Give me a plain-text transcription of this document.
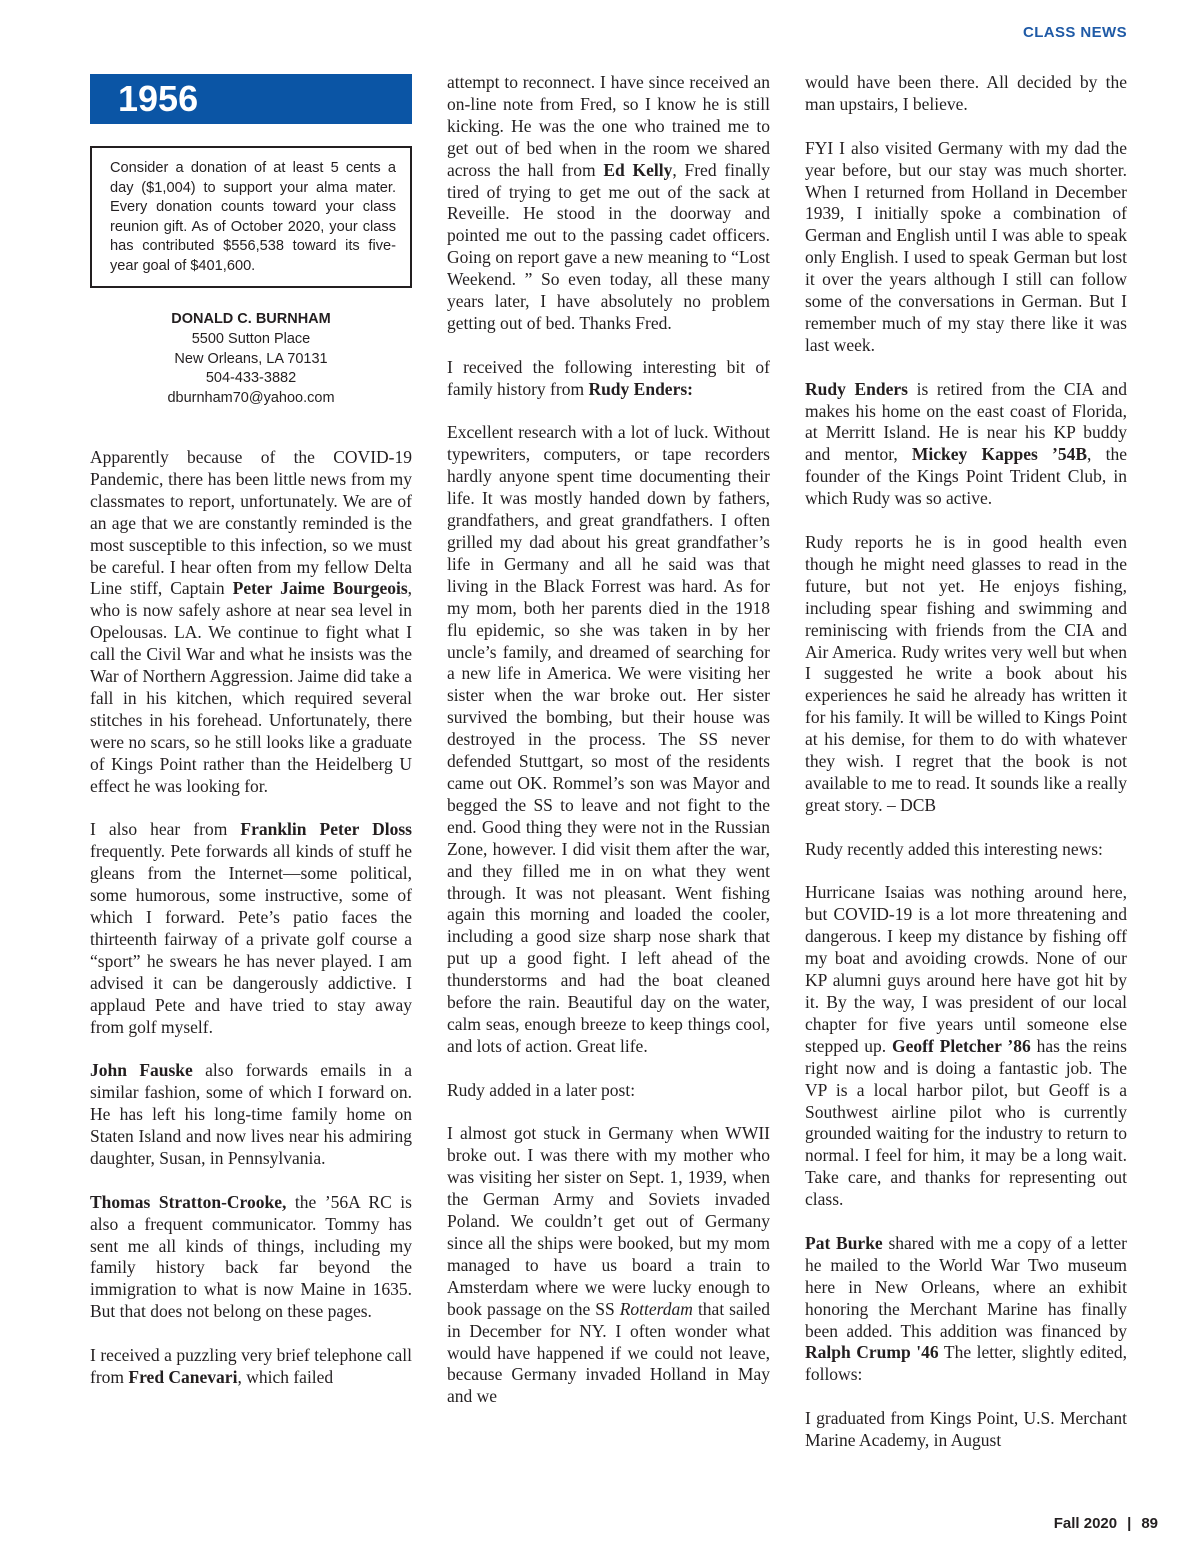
CLASS NEWS
1956
Consider a donation of at least 5 cents a day ($1,004) to support your alma mater. Every donation counts toward your class reunion gift. As of October 2020, your class has contributed $556,538 toward its five-year goal of $401,600.
DONALD C. BURNHAM
5500 Sutton Place
New Orleans, LA 70131
504-433-3882
dburnham70@yahoo.com

Apparently because of the COVID-19 Pandemic, there has been little news from my classmates to report, unfortunately. We are of an age that we are constantly reminded is the most susceptible to this infection, so we must be careful. I hear often from my fellow Delta Line stiff, Captain Peter Jaime Bourgeois, who is now safely ashore at near sea level in Opelousas. LA. We continue to fight what I call the Civil War and what he insists was the War of Northern Aggression. Jaime did take a fall in his kitchen, which required several stitches in his forehead. Unfortunately, there were no scars, so he still looks like a graduate of Kings Point rather than the Heidelberg U effect he was looking for.

I also hear from Franklin Peter Dloss frequently. Pete forwards all kinds of stuff he gleans from the Internet—some political, some humorous, some instructive, some of which I forward. Pete’s patio faces the thirteenth fairway of a private golf course a “sport” he swears he has never played. I am advised it can be dangerously addictive. I applaud Pete and have tried to stay away from golf myself.

John Fauske also forwards emails in a similar fashion, some of which I forward on. He has left his long-time family home on Staten Island and now lives near his admiring daughter, Susan, in Pennsylvania.

Thomas Stratton-Crooke, the ’56A RC is also a frequent communicator. Tommy has sent me all kinds of things, including my family history back far beyond the immigration to what is now Maine in 1635. But that does not belong on these pages.

I received a puzzling very brief telephone call from Fred Canevari, which failed

attempt to reconnect. I have since received an on-line note from Fred, so I know he is still kicking. He was the one who trained me to get out of bed when in the room we shared across the hall from Ed Kelly, Fred finally tired of trying to get me out of the sack at Reveille. He stood in the doorway and pointed me out to the passing cadet officers. Going on report gave a new meaning to “Lost Weekend. ” So even today, all these many years later, I have absolutely no problem getting out of bed. Thanks Fred.

I received the following interesting bit of family history from Rudy Enders:

Excellent research with a lot of luck. Without typewriters, computers, or tape recorders hardly anyone spent time documenting their life. It was mostly handed down by fathers, grandfathers, and great grandfathers. I often grilled my dad about his great grandfather’s life in Germany and all he said was that living in the Black Forrest was hard. As for my mom, both her parents died in the 1918 flu epidemic, so she was taken in by her uncle’s family, and dreamed of searching for a new life in America. We were visiting her sister when the war broke out. Her sister survived the bombing, but their house was destroyed in the process. The SS never defended Stuttgart, so most of the residents came out OK. Rommel’s son was Mayor and begged the SS to leave and not fight to the end. Good thing they were not in the Russian Zone, however. I did visit them after the war, and they filled me in on what they went through. It was not pleasant. Went fishing again this morning and loaded the cooler, including a good size sharp nose shark that put up a good fight. I left ahead of the thunderstorms and had the boat cleaned before the rain. Beautiful day on the water, calm seas, enough breeze to keep things cool, and lots of action. Great life.

Rudy added in a later post:

I almost got stuck in Germany when WWII broke out. I was there with my mother who was visiting her sister on Sept. 1, 1939, when the German Army and Soviets invaded Poland. We couldn’t get out of Germany since all the ships were booked, but my mom managed to have us board a train to Amsterdam where we were lucky enough to book passage on the SS Rotterdam that sailed in December for NY. I often wonder what would have happened if we could not leave, because Germany invaded Holland in May and we

would have been there. All decided by the man upstairs, I believe.

FYI I also visited Germany with my dad the year before, but our stay was much shorter. When I returned from Holland in December 1939, I initially spoke a combination of German and English until I was able to speak only English. I used to speak German but lost it over the years although I still can follow some of the conversations in German. But I remember much of my stay there like it was last week.

Rudy Enders is retired from the CIA and makes his home on the east coast of Florida, at Merritt Island. He is near his KP buddy and mentor, Mickey Kappes ’54B, the founder of the Kings Point Trident Club, in which Rudy was so active.

Rudy reports he is in good health even though he might need glasses to read in the future, but not yet. He enjoys fishing, including spear fishing and swimming and reminiscing with friends from the CIA and Air America. Rudy writes very well but when I suggested he write a book about his experiences he said he already has written it for his family. It will be willed to Kings Point at his demise, for them to do with whatever they wish. I regret that the book is not available to me to read. It sounds like a really great story. – DCB

Rudy recently added this interesting news:

Hurricane Isaias was nothing around here, but COVID-19 is a lot more threatening and dangerous. I keep my distance by fishing off my boat and avoiding crowds. None of our KP alumni guys around here have got hit by it. By the way, I was president of our local chapter for five years until someone else stepped up. Geoff Pletcher ’86 has the reins right now and is doing a fantastic job. The VP is a local harbor pilot, but Geoff is a Southwest airline pilot who is currently grounded waiting for the industry to return to normal. I feel for him, it may be a long wait. Take care, and thanks for representing out class.

Pat Burke shared with me a copy of a letter he mailed to the World War Two museum here in New Orleans, where an exhibit honoring the Merchant Marine has finally been added. This addition was financed by Ralph Crump '46 The letter, slightly edited, follows:

I graduated from Kings Point, U.S. Merchant Marine Academy, in August

Fall 2020 | 89
